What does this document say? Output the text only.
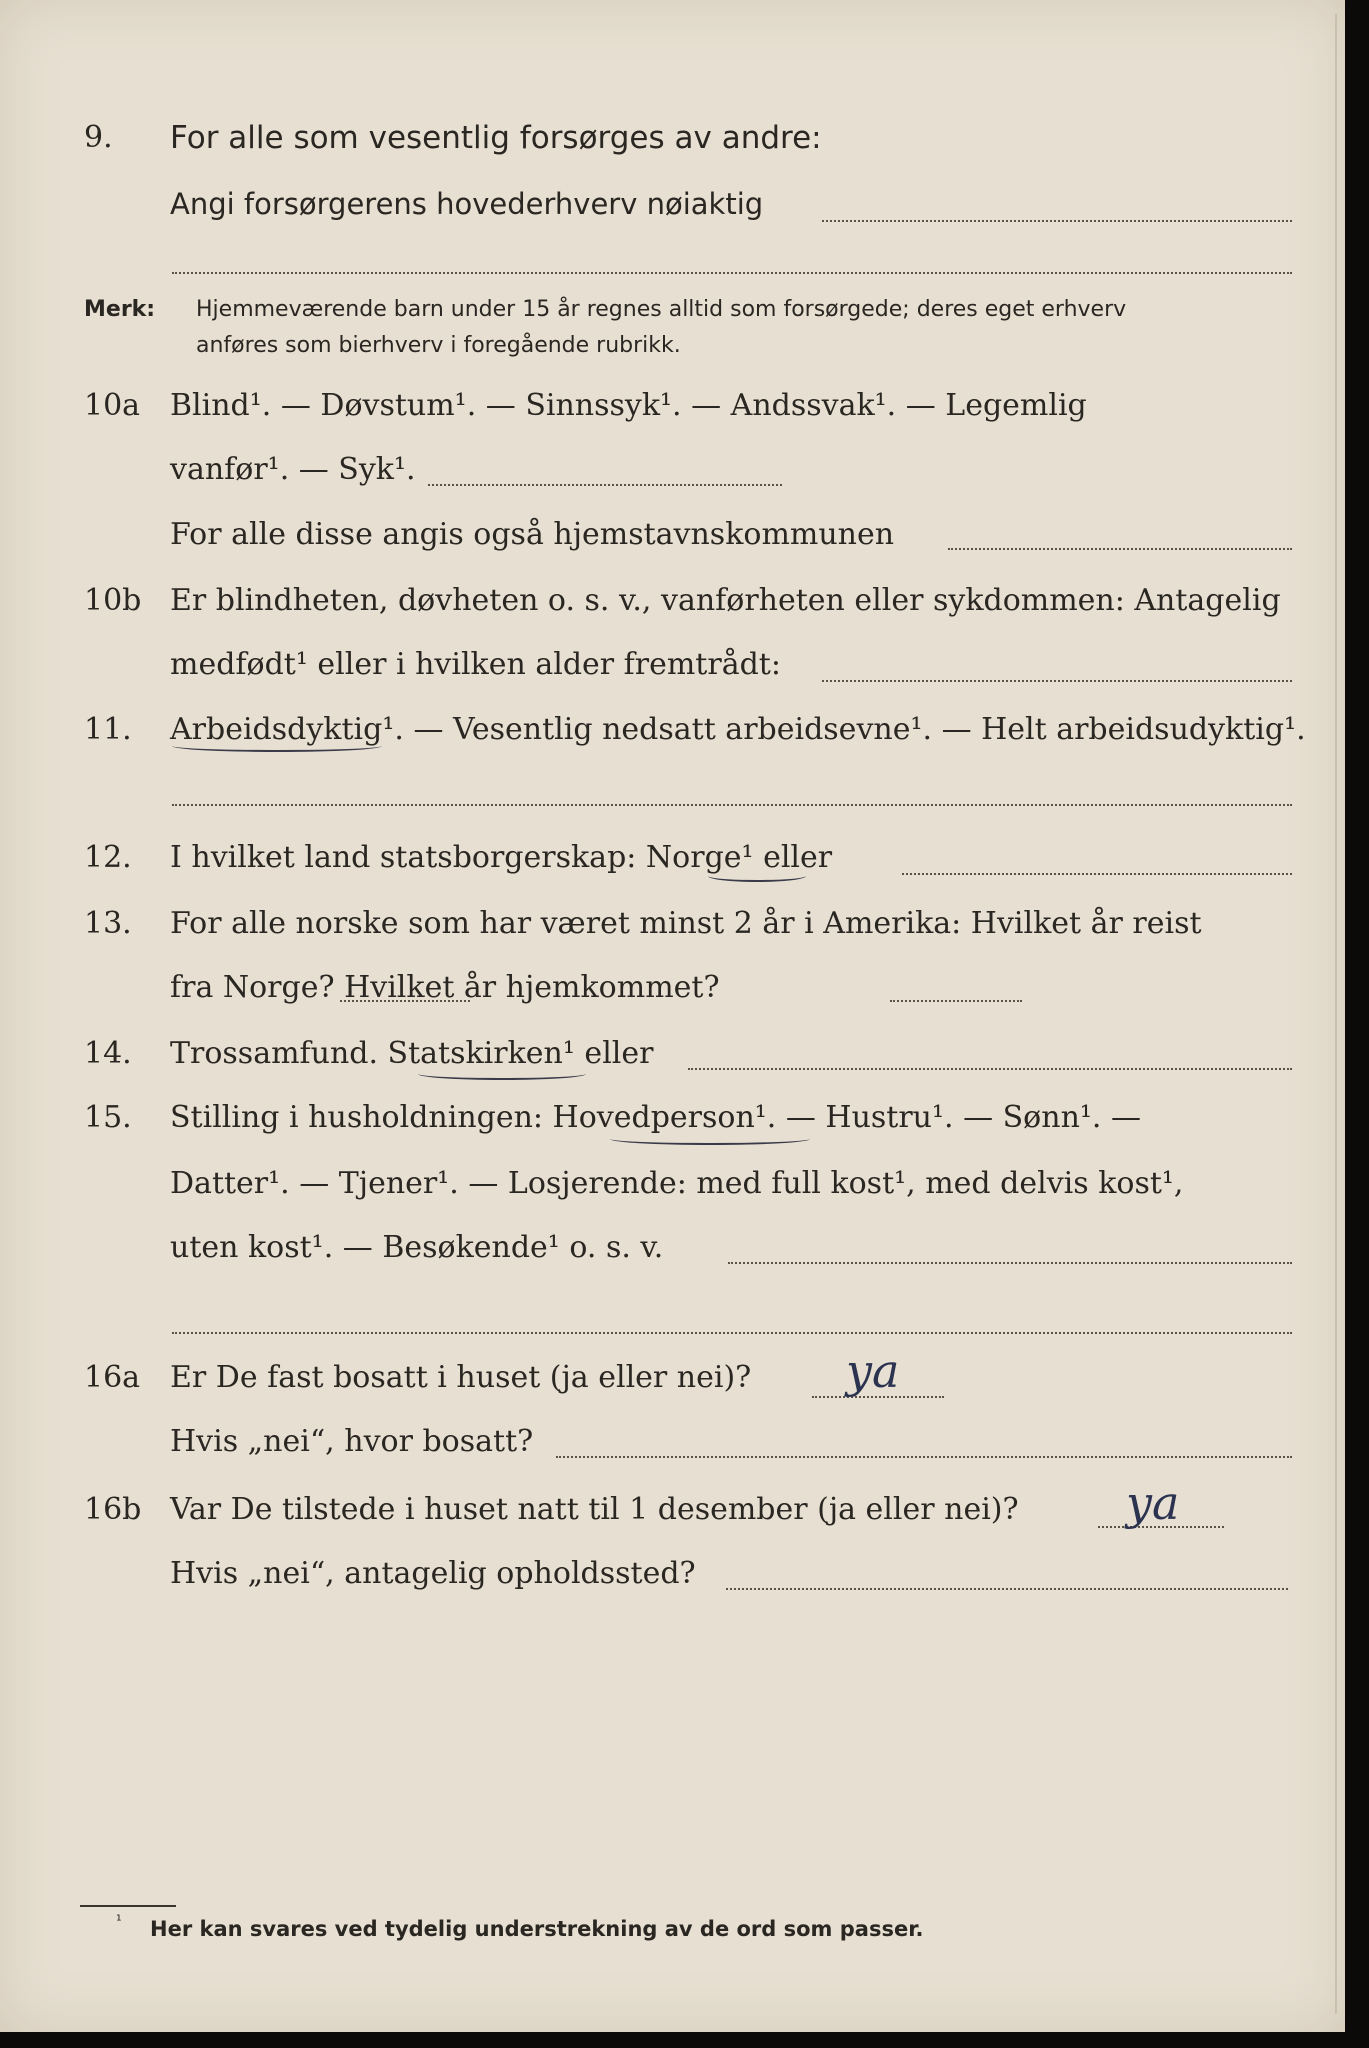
9. For alle som vesentlig forsørges av andre:
Angi forsørgerens hovederhverv nøiaktig
Merk: Hjemmeværende barn under 15 år regnes alltid som forsørgede; deres eget erhverv
anføres som bierhverv i foregående rubrikk.
10a Blind¹. — Døvstum¹. — Sinnssyk¹. — Andssvak¹. — Legemlig
vanfør¹. — Syk¹.
For alle disse angis også hjemstavnskommunen
10b Er blindheten, døvheten o. s. v., vanførheten eller sykdommen: Antagelig
medfødt¹ eller i hvilken alder fremtrådt:
11. Arbeidsdyktig¹. — Vesentlig nedsatt arbeidsevne¹. — Helt arbeidsudyktig¹.
12. I hvilket land statsborgerskap: Norge¹ eller
13. For alle norske som har været minst 2 år i Amerika: Hvilket år reist
fra Norge? Hvilket år hjemkommet?
14. Trossamfund. Statskirken¹ eller
15. Stilling i husholdningen: Hovedperson¹. — Hustru¹. — Sønn¹. —
Datter¹. — Tjener¹. — Losjerende: med full kost¹, med delvis kost¹,
uten kost¹. — Besøkende¹ o. s. v.
16a Er De fast bosatt i huset (ja eller nei)? ya
Hvis „nei“, hvor bosatt?
16b Var De tilstede i huset natt til 1 desember (ja eller nei)? ya
Hvis „nei“, antagelig opholdssted?
¹ Her kan svares ved tydelig understrekning av de ord som passer.
